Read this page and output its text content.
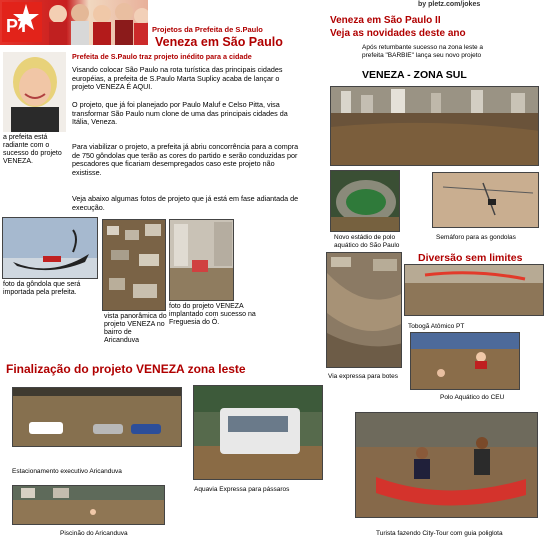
by pletz.com/jokes
PT	Projetos da Prefeita de S.Paulo
Veneza em São Paulo
a prefeita está radiante com o sucesso do projeto VENEZA.
Prefeita de S.Paulo traz projeto inédito para a cidade
Visando colocar São Paulo na rota turística das principais cidades européias, a prefeita de S.Paulo Marta Suplicy acaba de lançar o projeto VENEZA É AQUI.
O projeto, que já foi planejado por Paulo Maluf e Celso Pitta, visa transformar São Paulo num clone de uma das principais cidades da Itália, Veneza.
Para viabilizar o projeto, a prefeita já abriu concorrência para a compra de 750 gôndolas que terão as cores do partido e serão conduzidas por pescadores que ficariam desempregados caso este projeto não existisse.
Veja abaixo algumas fotos de projeto que já está em fase adiantada de execução.
foto da gôndola que será importada pela prefeita.
vista panorâmica do projeto VENEZA no bairro de Aricanduva
foto do projeto VENEZA implantado com sucesso na Freguesia do Ó.
Veneza em São Paulo II
Veja as novidades deste ano
Após retumbante sucesso na zona leste a prefeita "BARBIE" lança seu novo projeto
VENEZA - ZONA SUL
Novo estádio de polo aquático do São Paulo
Semáforo para as gondolas
Diversão sem limites
Via expressa para botes
Tobogã Atômico PT
Polo Aquático do CEU
Finalização do projeto VENEZA zona leste
Estacionamento executivo Aricanduva
Aquavia Expressa para pássaros
Turista fazendo City-Tour com guia poliglota
Piscinão do Aricanduva
